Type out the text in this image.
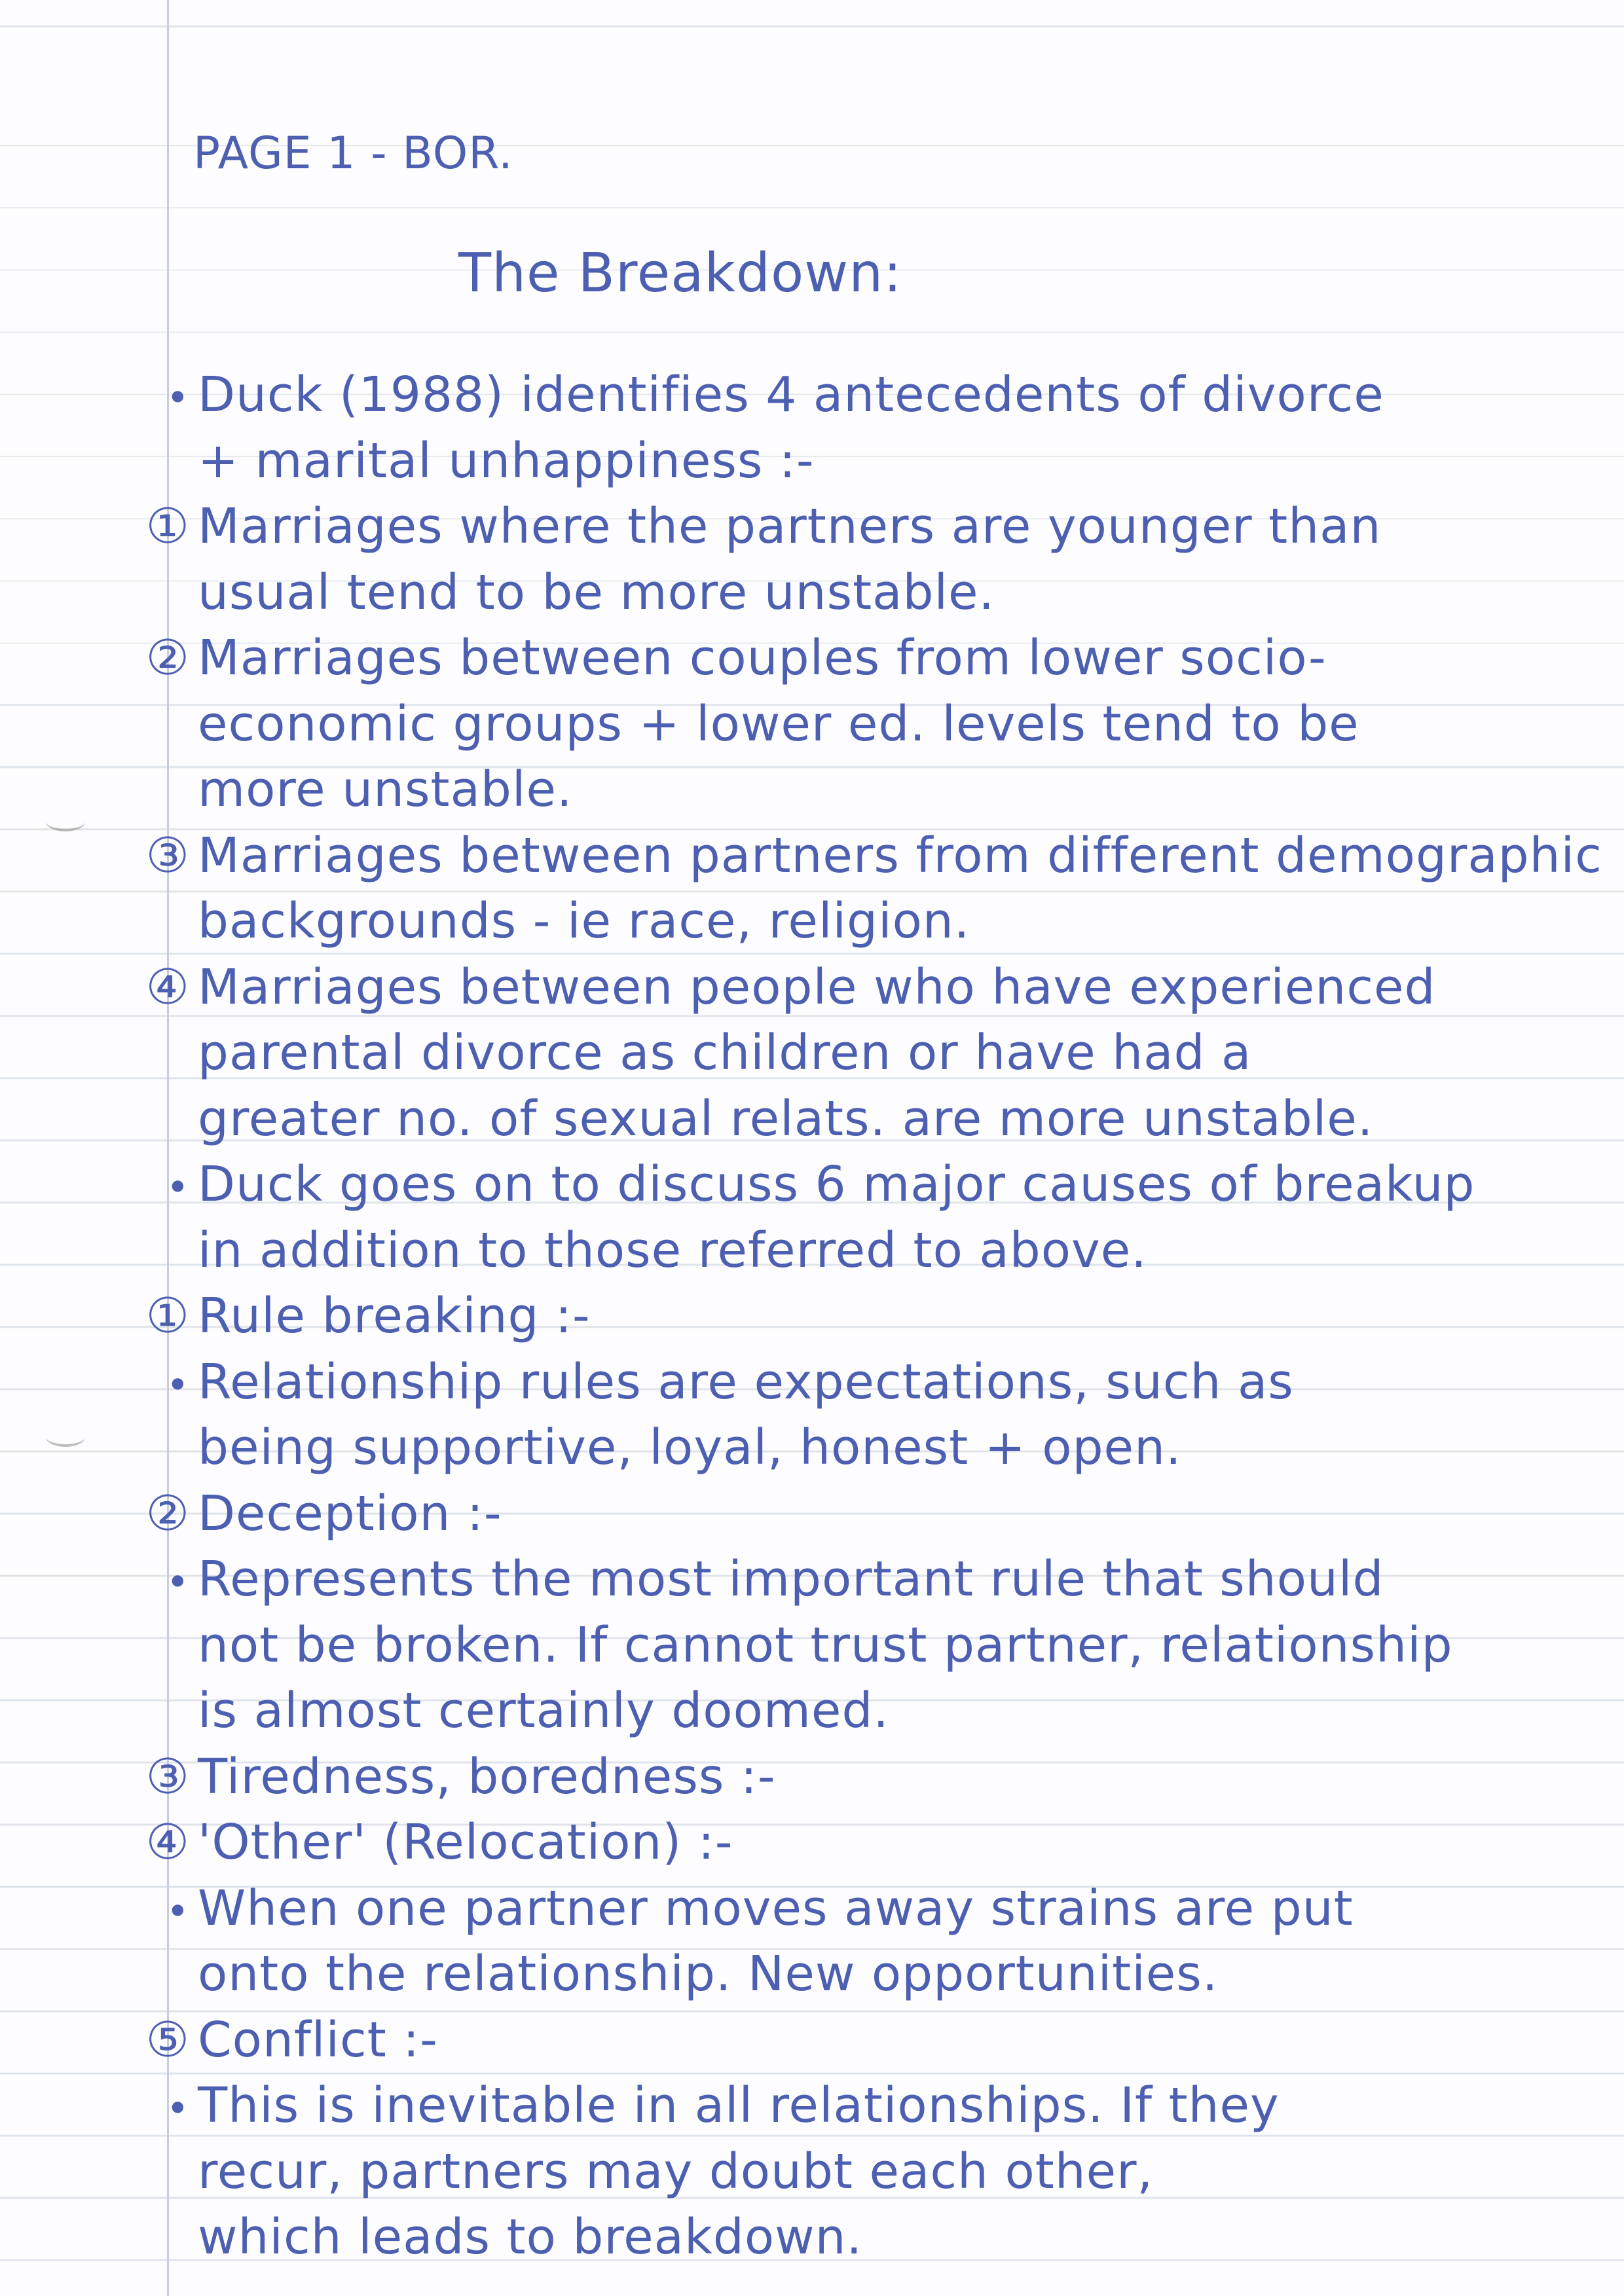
PAGE 1 - BOR.
The Breakdown:
• Duck (1988) identifies 4 antecedents of divorce
+ marital unhappiness :-
① Marriages where the partners are younger than
usual tend to be more unstable.
② Marriages between couples from lower socio-
economic groups + lower ed. levels tend to be
more unstable.
③ Marriages between partners from different demographic
backgrounds - ie race, religion.
④ Marriages between people who have experienced
parental divorce as children or have had a
greater no. of sexual relats. are more unstable.
• Duck goes on to discuss 6 major causes of breakup
in addition to those referred to above.
① Rule breaking :-
• Relationship rules are expectations, such as
being supportive, loyal, honest + open.
② Deception :-
• Represents the most important rule that should
not be broken. If cannot trust partner, relationship
is almost certainly doomed.
③ Tiredness, boredness :-
④ 'Other' (Relocation) :-
• When one partner moves away strains are put
onto the relationship. New opportunities.
⑤ Conflict :-
• This is inevitable in all relationships. If they
recur, partners may doubt each other,
which leads to breakdown.
